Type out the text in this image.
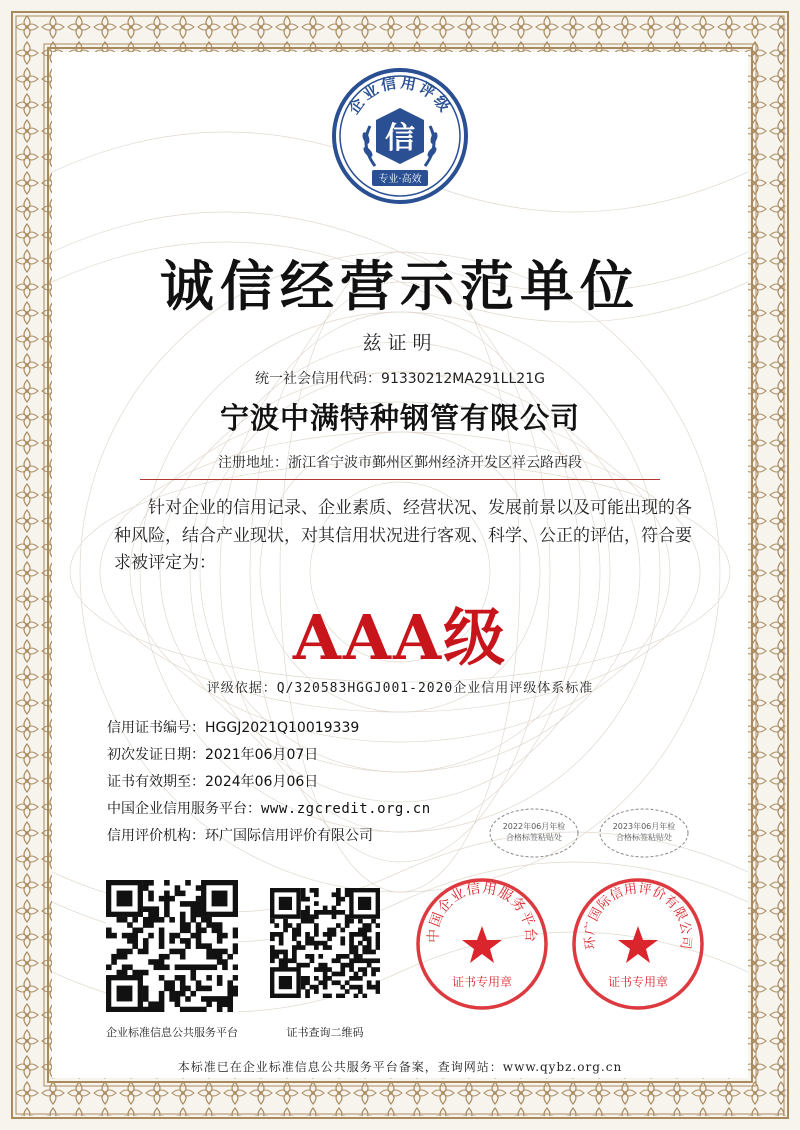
企业信用评级
信
专业·高效
诚信经营示范单位
兹证明
统一社会信用代码：91330212MA291LL21G
宁波中满特种钢管有限公司
注册地址：浙江省宁波市鄞州区鄞州经济开发区祥云路西段
针对企业的信用记录、企业素质、经营状况、发展前景以及可能出现的各种风险，结合产业现状，对其信用状况进行客观、科学、公正的评估，符合要求被评定为：
AAA级
评级依据：Q/320583HGGJ001-2020企业信用评级体系标准
信用证书编号：HGGJ2021Q10019339
初次发证日期：2021年06月07日
证书有效期至：2024年06月06日
中国企业信用服务平台：www.zgcredit.org.cn
信用评价机构：环广国际信用评价有限公司
2022年06月年检
合格标签粘贴处
2023年06月年检
合格标签粘贴处
企业标准信息公共服务平台	证书查询二维码
中国企业信用服务平台
证书专用章
环广国际信用评价有限公司
证书专用章
本标准已在企业标准信息公共服务平台备案，查询网站：www.qybz.org.cn
